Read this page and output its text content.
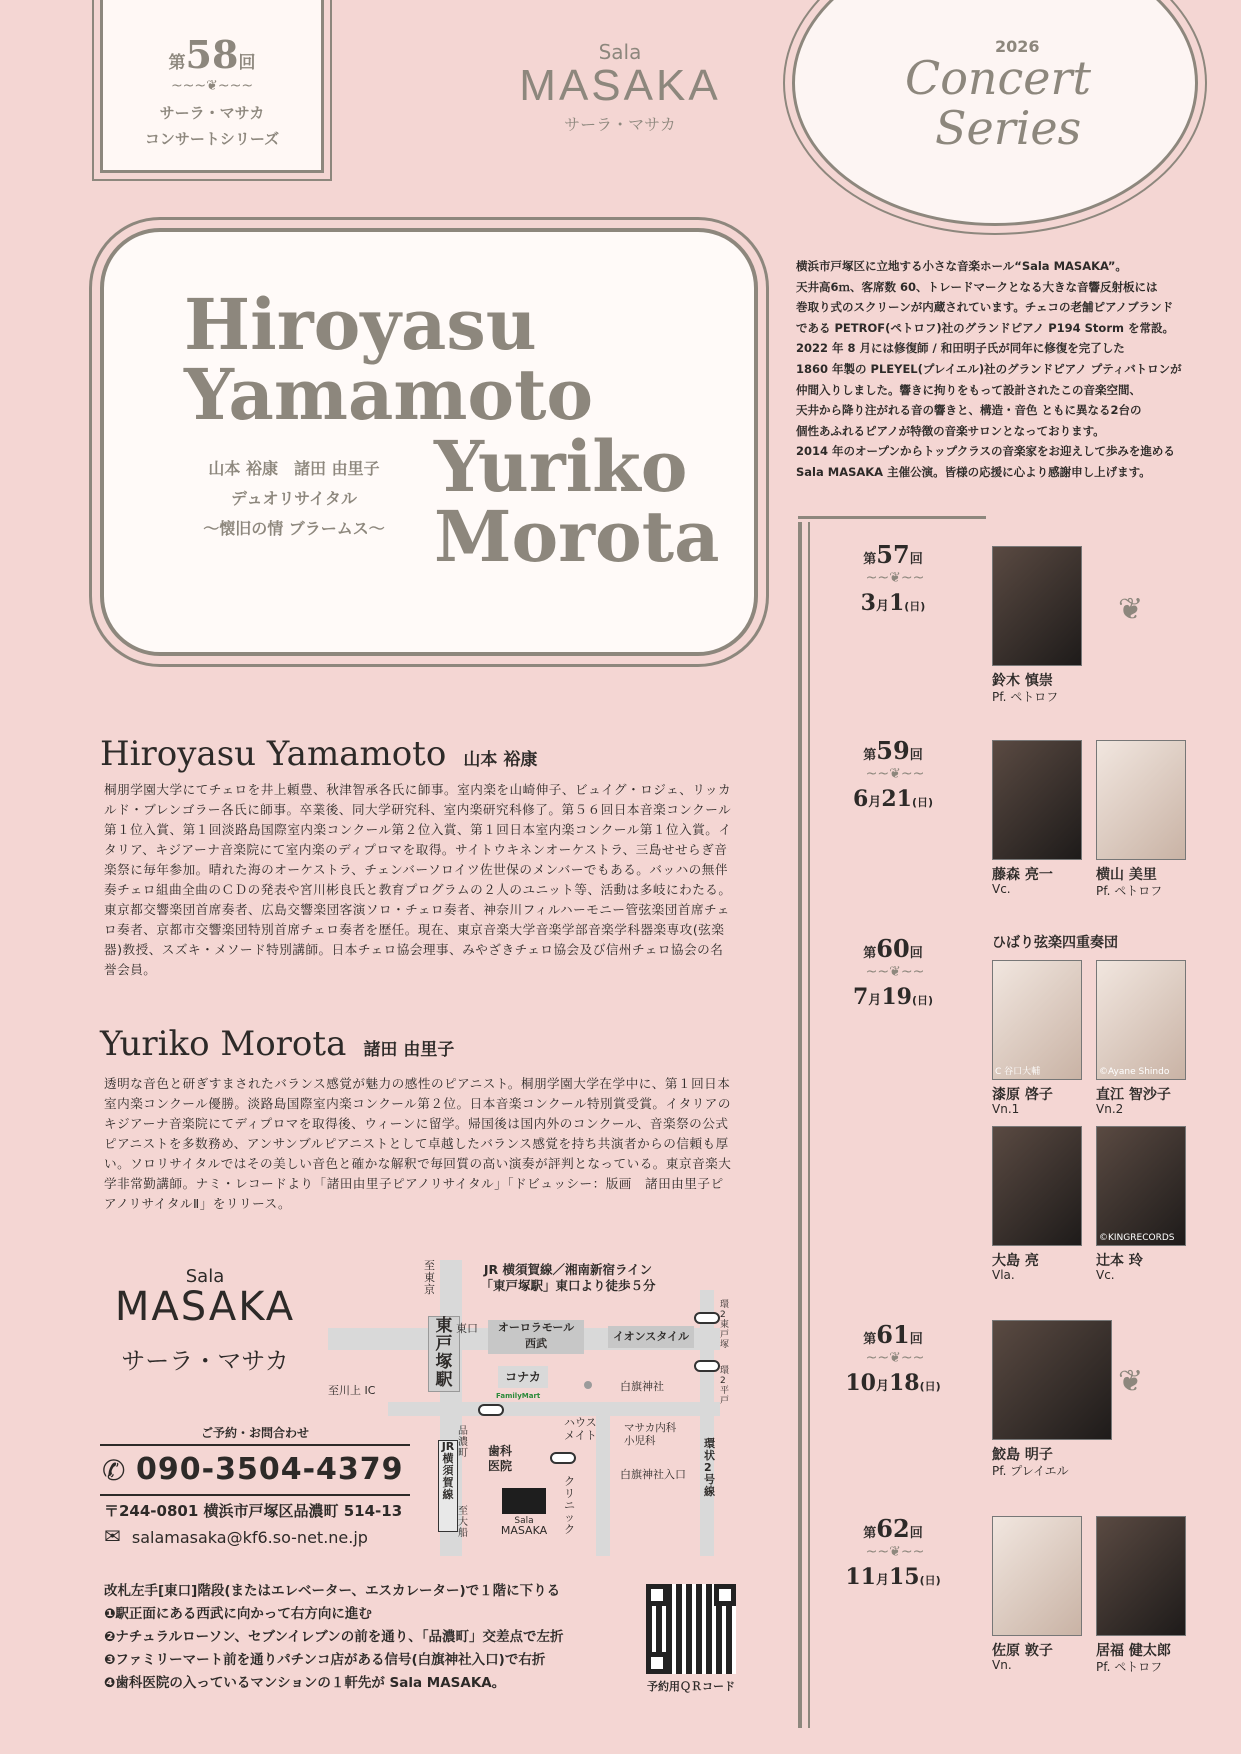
第58回
~~~❦~~~
サーラ・マサカ
コンサートシリーズ
Sala
MASAKA
サーラ・マサカ
2026
Concert
Series
Hiroyasu
Yamamoto
Yuriko
Morota
山本 裕康　諸田 由里子
デュオリサイタル
〜懐旧の情 ブラームス〜
横浜市戸塚区に立地する小さな音楽ホール“Sala MASAKA”。
天井高6ｍ、客席数 60、トレードマークとなる大きな音響反射板には
巻取り式のスクリーンが内蔵されています。チェコの老舗ピアノブランド
である PETROF(ペトロフ)社のグランドピアノ P194 Storm を常設。
2022 年 8 月には修復師 / 和田明子氏が同年に修復を完了した
1860 年製の PLEYEL(プレイエル)社のグランドピアノ プティバトロンが
仲間入りしました。響きに拘りをもって設計されたこの音楽空間、
天井から降り注がれる音の響きと、構造・音色 ともに異なる2台の
個性あふれるピアノが特徴の音楽サロンとなっております。
2014 年のオープンからトップクラスの音楽家をお迎えして歩みを進める
Sala MASAKA 主催公演。皆様の応援に心より感謝申し上げます。
Hiroyasu Yamamoto 山本 裕康
桐朋学園大学にてチェロを井上頼豊、秋津智承各氏に師事。室内楽を山崎伸子、ビュイグ・ロジェ、リッカルド・ブレンゴラー各氏に師事。卒業後、同大学研究科、室内楽研究科修了。第５６回日本音楽コンクール第１位入賞、第１回淡路島国際室内楽コンクール第２位入賞、第１回日本室内楽コンクール第１位入賞。イタリア、キジアーナ音楽院にて室内楽のディプロマを取得。サイトウキネンオーケストラ、三島せせらぎ音楽祭に毎年参加。晴れた海のオーケストラ、チェンバーソロイツ佐世保のメンバーでもある。バッハの無伴奏チェロ組曲全曲のＣＤの発表や宮川彬良氏と教育プログラムの２人のユニット等、活動は多岐にわたる。東京都交響楽団首席奏者、広島交響楽団客演ソロ・チェロ奏者、神奈川フィルハーモニー管弦楽団首席チェロ奏者、京都市交響楽団特別首席チェロ奏者を歴任。現在、東京音楽大学音楽学部音楽学科器楽専攻(弦楽器)教授、スズキ・メソード特別講師。日本チェロ協会理事、みやざきチェロ協会及び信州チェロ協会の名誉会員。
Yuriko Morota 諸田 由里子
透明な音色と研ぎすまされたバランス感覚が魅力の感性のピアニスト。桐朋学園大学在学中に、第１回日本室内楽コンクール優勝。淡路島国際室内楽コンクール第２位。日本音楽コンクール特別賞受賞。イタリアのキジアーナ音楽院にてディプロマを取得後、ウィーンに留学。帰国後は国内外のコンクール、音楽祭の公式ピアニストを多数務め、アンサンブルピアニストとして卓越したバランス感覚を持ち共演者からの信頼も厚い。ソロリサイタルではその美しい音色と確かな解釈で毎回質の高い演奏が評判となっている。東京音楽大学非常勤講師。ナミ・レコードより「諸田由里子ピアノリサイタル」「ドビュッシー：版画　諸田由里子ピアノリサイタルⅡ」をリリース。
Sala
MASAKA
サーラ・マサカ
ご予約・お問合わせ
✆ 090-3504-4379
〒244-0801 横浜市戸塚区品濃町 514-13
✉ salamasaka@kf6.so-net.ne.jp
JR 横須賀線／湘南新宿ライン
「東戸塚駅」東口より徒歩５分
至東京
東戸塚駅
東口	オーロラモール
西武
イオンスタイル
コナカ
FamilyMart
白旗神社
至川上 IC
品濃町
JR横須賀線
至大船
ハウス
メイト
マサカ内科
小児科
歯科
医院
白旗神社入口
クリニック
環2東戸塚
環2平戸
環状2号線
Sala
MASAKA
改札左手[東口]階段(またはエレベーター、エスカレーター)で１階に下りる
❶駅正面にある西武に向かって右方向に進む
❷ナチュラルローソン、セブンイレブンの前を通り、「品濃町」交差点で左折
❸ファミリーマート前を通りパチンコ店がある信号(白旗神社入口)で右折
❹歯科医院の入っているマンションの１軒先が Sala MASAKA。	予約用ＱＲコード
第57回
~~❦~~
3月1(日)
鈴木 慎崇
Pf. ペトロフ
第59回
~~❦~~
6月21(日)
藤森 亮一
Vc.
横山 美里
Pf. ペトロフ
第60回
~~❦~~
7月19(日)
ひばり弦楽四重奏団
C 谷口大輔
漆原 啓子
Vn.1
©Ayane Shindo
直江 智沙子
Vn.2
大島 亮
Vla.
©KINGRECORDS
辻本 玲
Vc.
第61回
~~❦~~
10月18(日)
鮫島 明子
Pf. プレイエル
第62回
~~❦~~
11月15(日)
佐原 敦子
Vn.
居福 健太郎
Pf. ペトロフ
❦
❦
